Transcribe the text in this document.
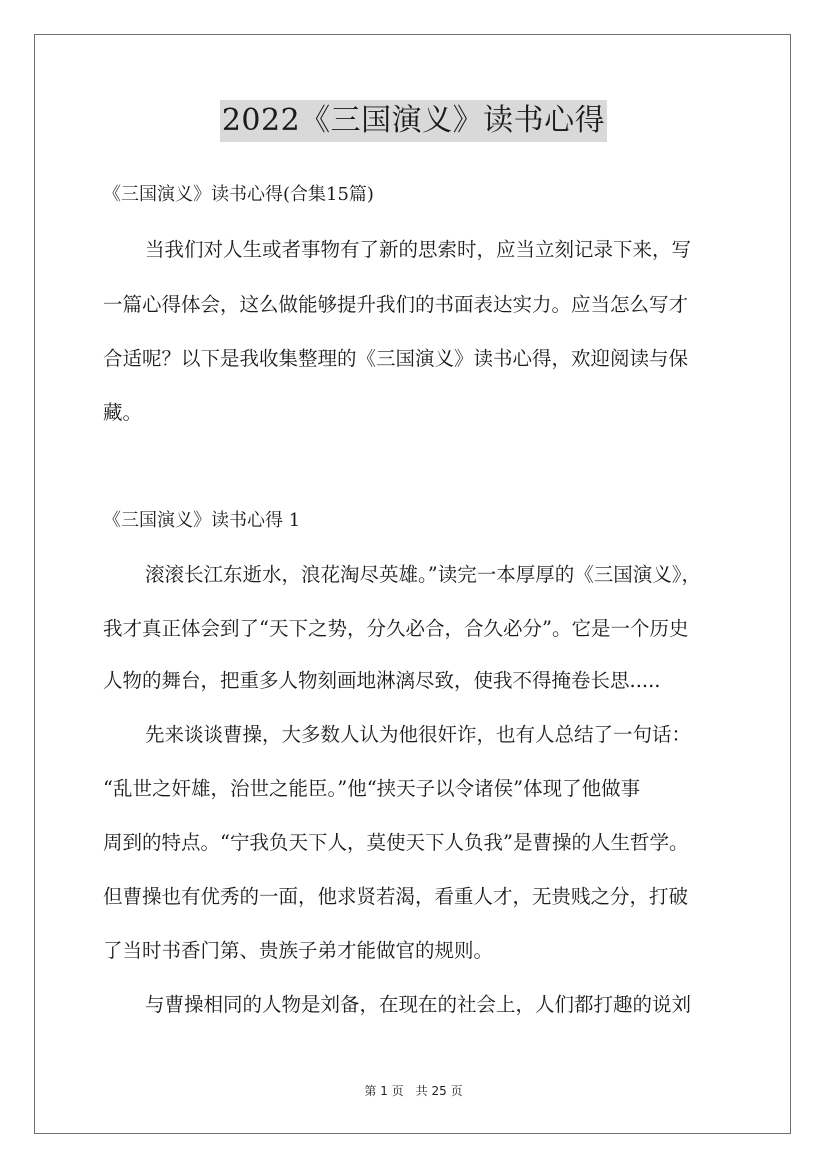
2022《三国演义》读书心得
《三国演义》读书心得(合集15篇)
当我们对人生或者事物有了新的思索时，应当立刻记录下来，写
一篇心得体会，这么做能够提升我们的书面表达实力。应当怎么写才
合适呢？以下是我收集整理的《三国演义》读书心得，欢迎阅读与保
藏。
《三国演义》读书心得 1
滚滚长江东逝水，浪花淘尽英雄。”读完一本厚厚的《三国演义》，
我才真正体会到了“天下之势，分久必合，合久必分”。它是一个历史
人物的舞台，把重多人物刻画地淋漓尽致，使我不得掩卷长思.....
先来谈谈曹操，大多数人认为他很奸诈，也有人总结了一句话：
“乱世之奸雄，治世之能臣。”他“挟天子以令诸侯”体现了他做事
周到的特点。“宁我负天下人，莫使天下人负我”是曹操的人生哲学。
但曹操也有优秀的一面，他求贤若渴，看重人才，无贵贱之分，打破
了当时书香门第、贵族子弟才能做官的规则。
与曹操相同的人物是刘备，在现在的社会上，人们都打趣的说刘
第 1 页　共 25 页
